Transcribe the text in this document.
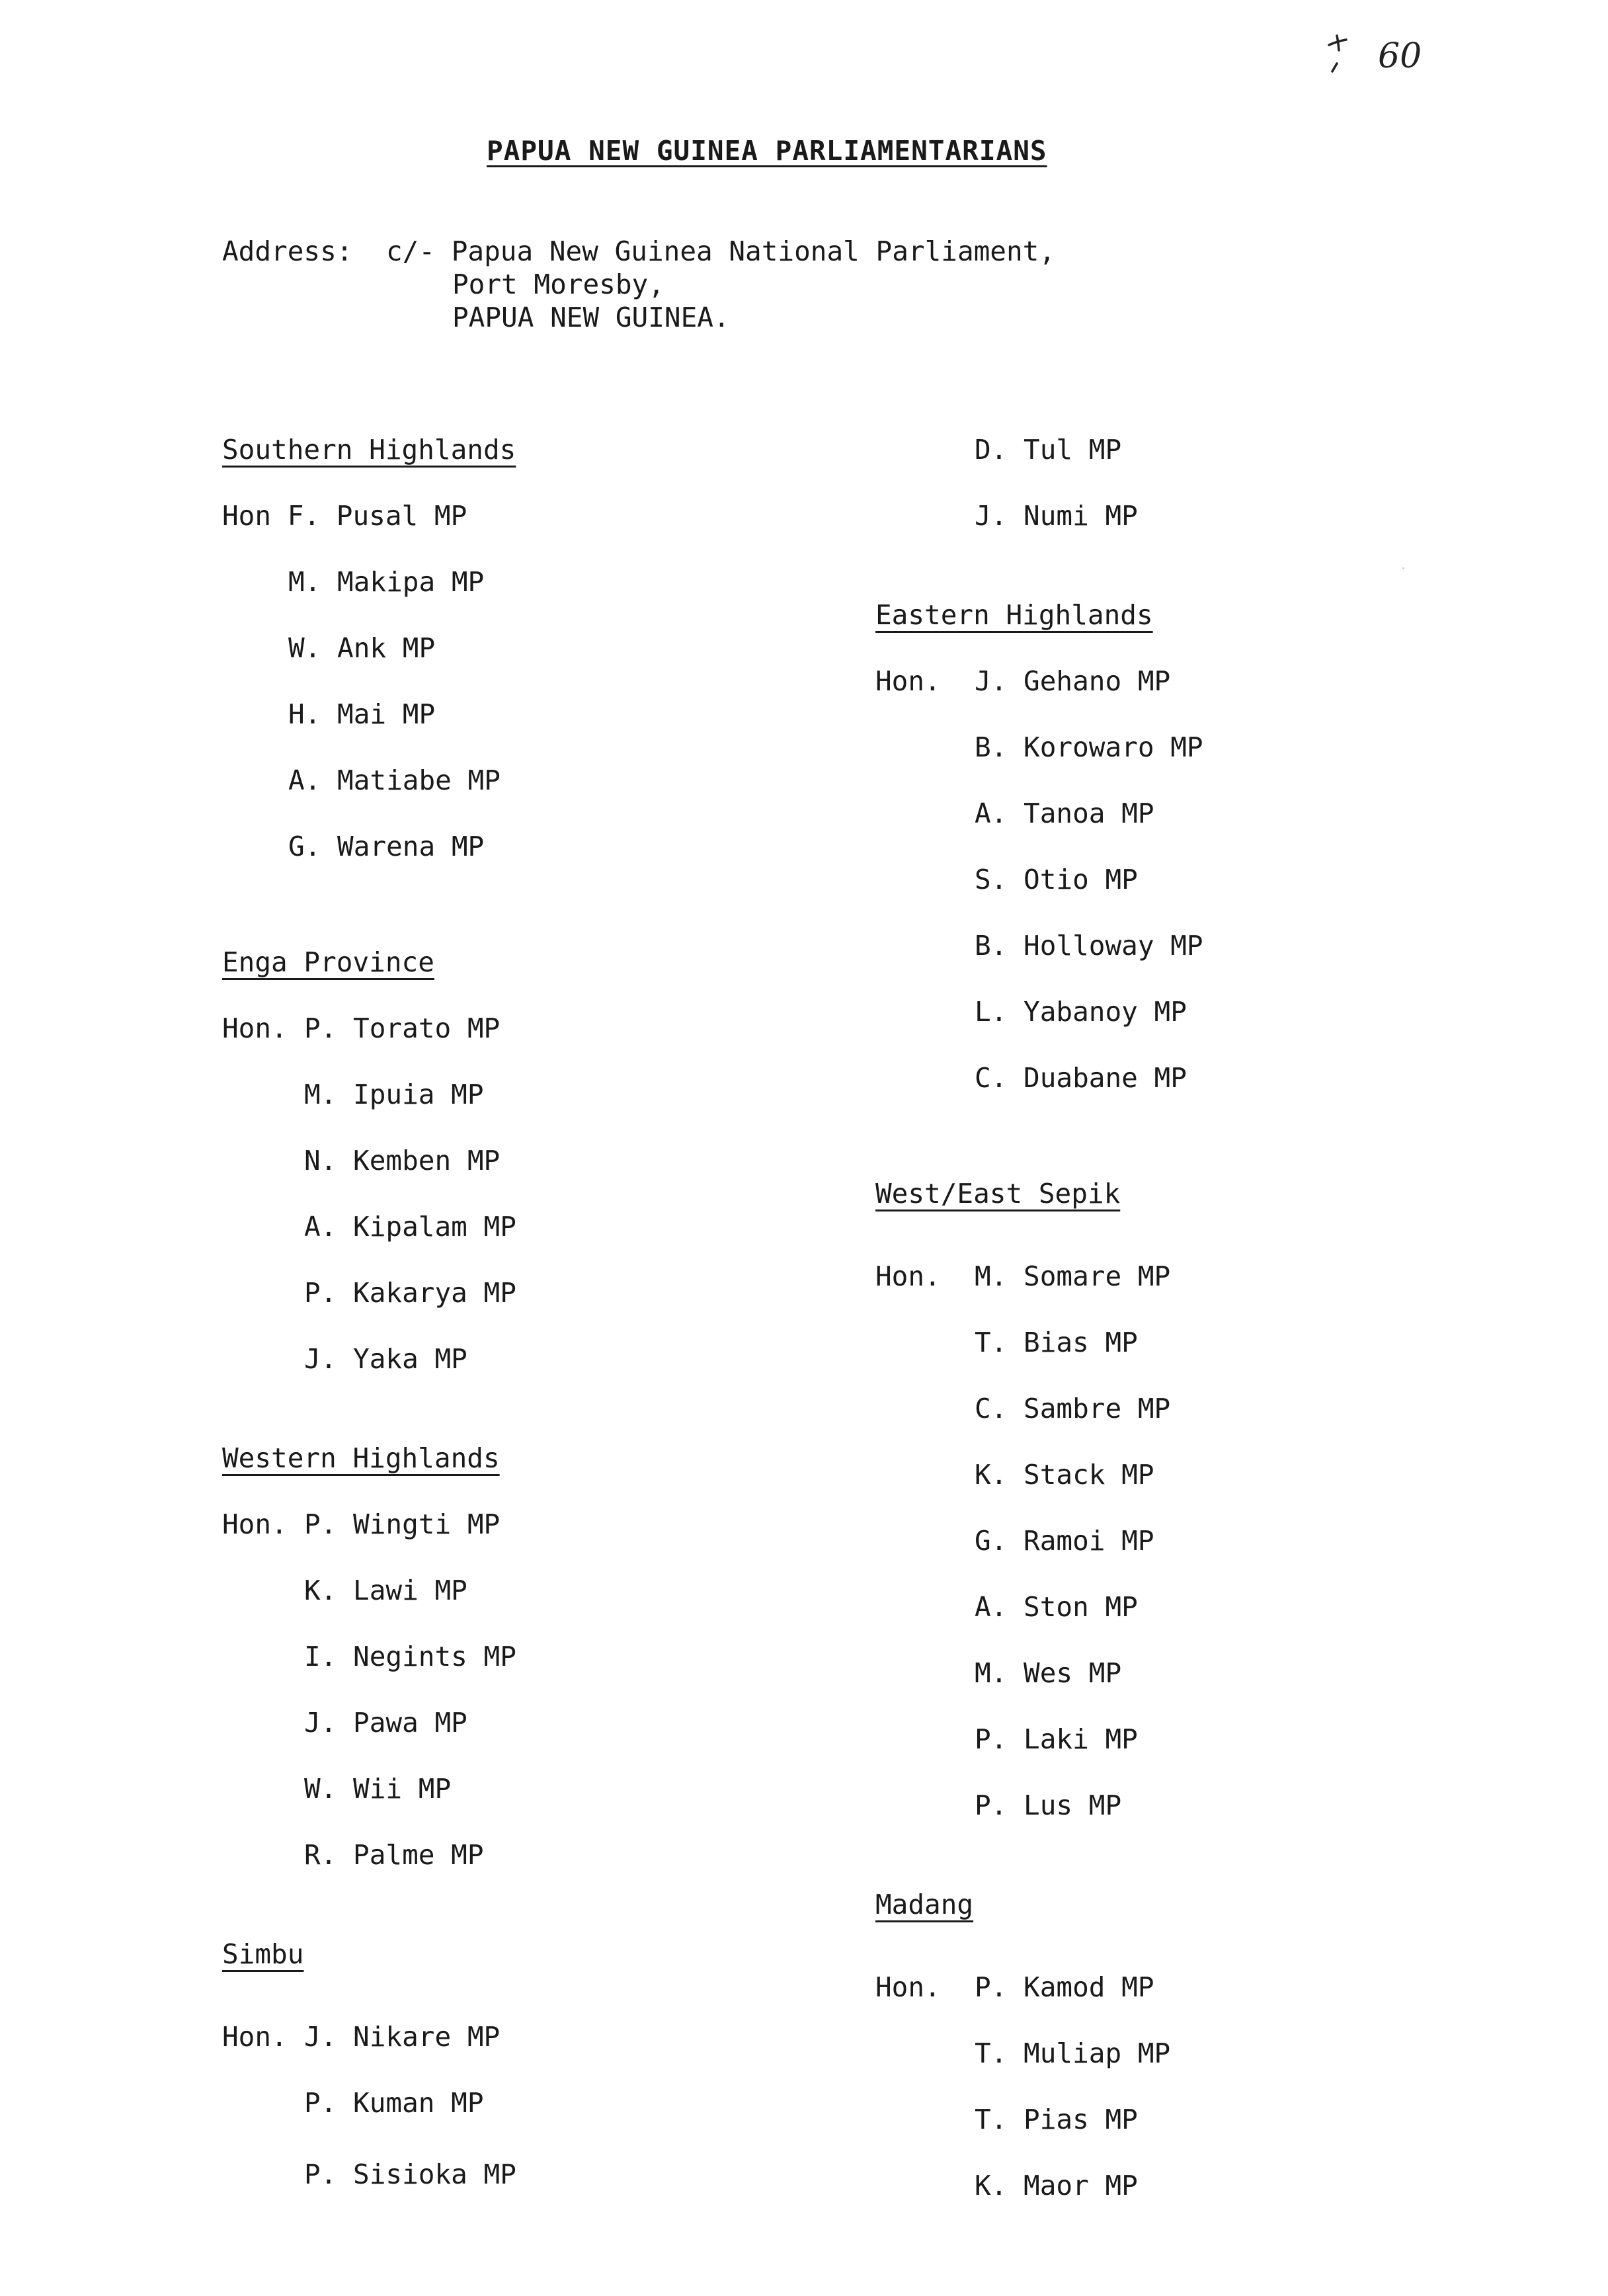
60
PAPUA NEW GUINEA PARLIAMENTARIANS
Address: c/- Papua New Guinea National Parliament,
Port Moresby,
PAPUA NEW GUINEA.
Southern Highlands
Hon F. Pusal MP
M. Makipa MP
W. Ank MP
H. Mai MP
A. Matiabe MP
G. Warena MP
Enga Province
Hon. P. Torato MP
M. Ipuia MP
N. Kemben MP
A. Kipalam MP
P. Kakarya MP
J. Yaka MP
Western Highlands
Hon. P. Wingti MP
K. Lawi MP
I. Negints MP
J. Pawa MP
W. Wii MP
R. Palme MP
Simbu
Hon. J. Nikare MP
P. Kuman MP
P. Sisioka MP
D. Tul MP
J. Numi MP
Eastern Highlands
Hon. J. Gehano MP
B. Korowaro MP
A. Tanoa MP
S. Otio MP
B. Holloway MP
L. Yabanoy MP
C. Duabane MP
West/East Sepik
Hon. M. Somare MP
T. Bias MP
C. Sambre MP
K. Stack MP
G. Ramoi MP
A. Ston MP
M. Wes MP
P. Laki MP
P. Lus MP
Madang
Hon. P. Kamod MP
T. Muliap MP
T. Pias MP
K. Maor MP
